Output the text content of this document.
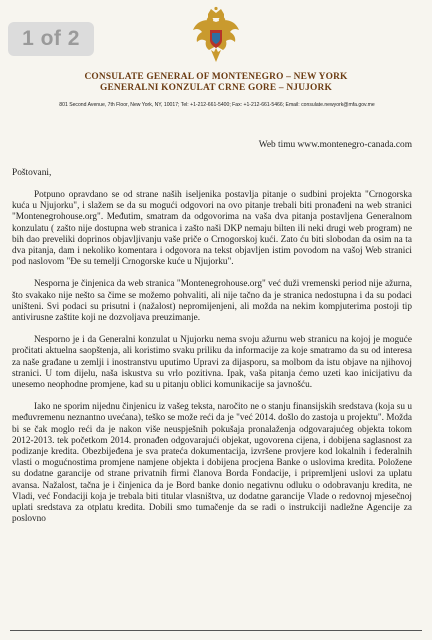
1 of 2
CONSULATE GENERAL OF MONTENEGRO – NEW YORK
GENERALNI KONZULAT CRNE GORE – NJUJORK
801 Second Avenue, 7th Floor, New York, NY, 10017; Tel: +1-212-661-5400; Fax: +1-212-661-5466; Email: consulate.newyork@mfa.gov.me
Web timu www.montenegro-canada.com
Poštovani,

Potpuno opravdano se od strane naših iseljenika postavlja pitanje o sudbini projekta "Crnogorska kuća u Njujorku", i slažem se da su mogući odgovori na ovo pitanje trebali biti pronađeni na web stranici "Montenegrohouse.org". Međutim, smatram da odgovorima na vaša dva pitanja postavljena Generalnom konzulatu ( zašto nije dostupna web stranica i zašto naši DKP nemaju bilten ili neki drugi web program) ne bih dao preveliki doprinos objavljivanju vaše priče o Crnogorskoj kući. Zato ću biti slobodan da osim na ta dva pitanja, dam i nekoliko komentara i odgovora na tekst objavljen istim povodom na vašoj Web stranici pod naslovom "Đe su temelji Crnogorske kuće u Njujorku".

Nesporna je činjenica da web stranica "Montenegrohouse.org" već duži vremenski period nije ažurna, što svakako nije nešto sa čime se možemo pohvaliti, ali nije tačno da je stranica nedostupna i da su podaci uništeni. Svi podaci su prisutni i (nažalost) nepromijenjeni, ali možda na nekim kompjuterima postoji tip antivirusne zaštite koji ne dozvoljava preuzimanje.

Nesporno je i da Generalni konzulat u Njujorku nema svoju ažurnu web stranicu na kojoj je moguće pročitati aktuelna saopštenja, ali koristimo svaku priliku da informacije za koje smatramo da su od interesa za naše građane u zemlji i inostranstvu uputimo Upravi za dijasporu, sa molbom da istu objave na njihovoj stranici. U tom dijelu, naša iskustva su vrlo pozitivna. Ipak, vaša pitanja ćemo uzeti kao inicijativu da unesemo neophodne promjene, kad su u pitanju oblici komunikacije sa javnošću.

Iako ne sporim nijednu činjenicu iz vašeg teksta, naročito ne o stanju finansijskih sredstava (koja su u međuvremenu neznantno uvećana), teško se može reći da je "već 2014. došlo do zastoja u projektu". Možda bi se čak moglo reći da je nakon više neuspješnih pokušaja pronalaženja odgovarajućeg objekta tokom 2012-2013. tek početkom 2014. pronađen odgovarajući objekat, ugovorena cijena, i dobijena saglasnost za podizanje kredita. Obezbijeđena je sva prateća dokumentacija, izvršene provjere kod lokalnih i federalnih vlasti o mogućnostima promjene namjene objekta i dobijena procjena Banke o uslovima kredita. Položene su dodatne garancije od strane privatnih firmi članova Borda Fondacije, i pripremljeni uslovi za uplatu avansa. Nažalost, tačna je i činjenica da je Bord banke donio negativnu odluku o odobravanju kredita, ne Vladi, već Fondaciji koja je trebala biti titular vlasništva, uz dodatne garancije Vlade o redovnoj mjesečnoj uplati sredstava za otplatu kredita. Dobili smo tumačenje da se radi o instrukciji nadležne Agencije za poslovno
